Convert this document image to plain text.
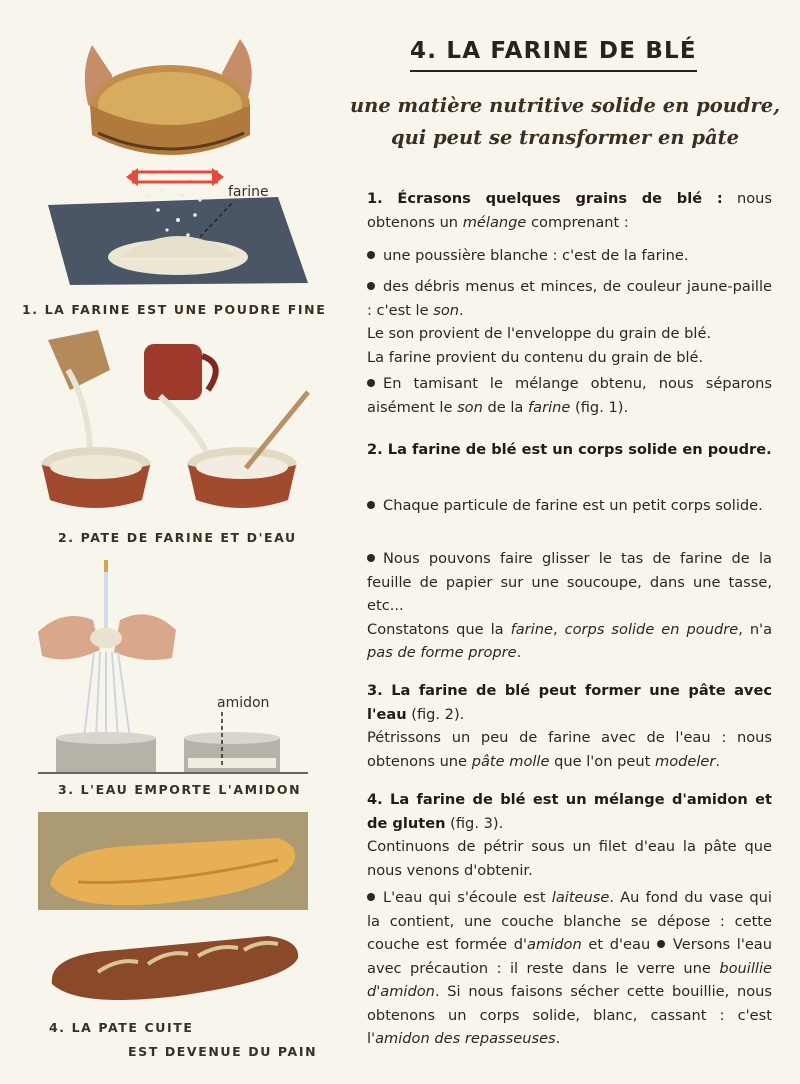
farine
1. LA FARINE EST UNE POUDRE FINE
2. PATE DE FARINE ET D'EAU
amidon
3. L'EAU EMPORTE L'AMIDON
4. LA PATE CUITE
EST DEVENUE DU PAIN
4. LA FARINE DE BLÉ
une matière nutritive solide en poudre,
qui peut se transformer en pâte
1. Écrasons quelques grains de blé : nous obtenons un mélange comprenant :
une poussière blanche : c'est de la farine.
des débris menus et minces, de couleur jaune-paille : c'est le son.
Le son provient de l'enveloppe du grain de blé.
La farine provient du contenu du grain de blé.
En tamisant le mélange obtenu, nous séparons aisément le son de la farine (fig. 1).
2. La farine de blé est un corps solide en poudre.
Chaque particule de farine est un petit corps solide.
Nous pouvons faire glisser le tas de farine de la feuille de papier sur une soucoupe, dans une tasse, etc...
Constatons que la farine, corps solide en poudre, n'a pas de forme propre.
3. La farine de blé peut former une pâte avec l'eau (fig. 2).
Pétrissons un peu de farine avec de l'eau : nous obtenons une pâte molle que l'on peut modeler.
4. La farine de blé est un mélange d'amidon et de gluten (fig. 3).
Continuons de pétrir sous un filet d'eau la pâte que nous venons d'obtenir.
L'eau qui s'écoule est laiteuse. Au fond du vase qui la contient, une couche blanche se dépose : cette couche est formée d'amidon et d'eau Versons l'eau avec précaution : il reste dans le verre une bouillie d'amidon. Si nous faisons sécher cette bouillie, nous obtenons un corps solide, blanc, cassant : c'est l'amidon des repasseuses.
